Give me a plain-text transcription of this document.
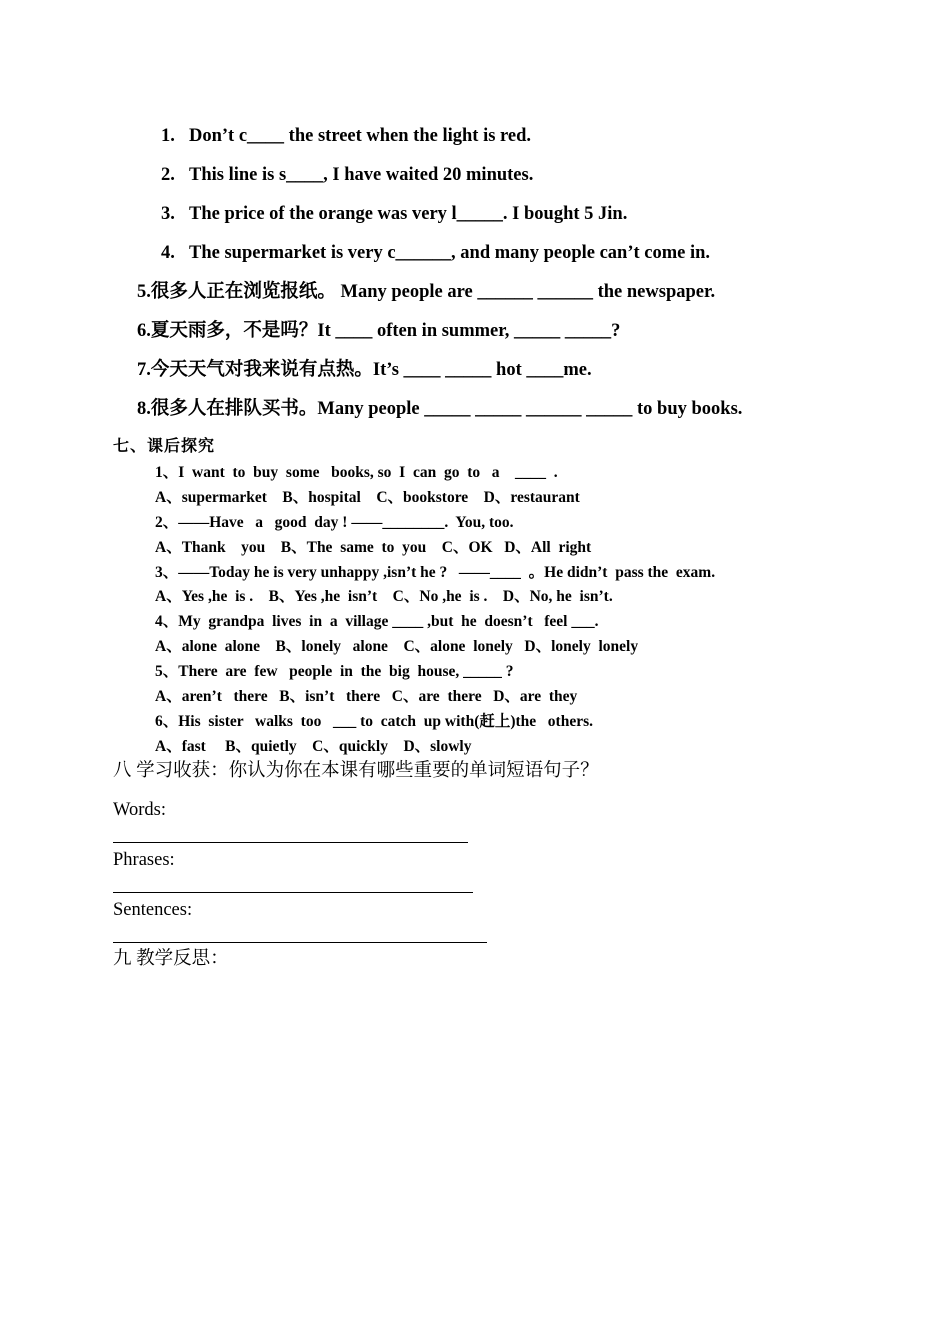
1. Don’t c____ the street when the light is red.
2. This line is s____, I have waited 20 minutes.
3. The price of the orange was very l_____. I bought 5 Jin.
4. The supermarket is very c______, and many people can’t come in.
5.很多人正在浏览报纸。 Many people are ______ ______ the newspaper.
6.夏天雨多，不是吗？It ____ often in summer, _____ _____?
7.今天天气对我来说有点热。It’s ____ _____ hot ____me.
8.很多人在排队买书。Many people _____ _____ ______ _____ to buy books.
七、课后探究
1、I  want  to  buy  some   books, so  I  can  go  to   a    ____  .
A、supermarket    B、hospital    C、bookstore    D、restaurant
2、——Have   a   good  day ! ——________.  You, too.
A、Thank    you    B、The  same  to  you    C、OK   D、All  right
3、——Today he is very unhappy ,isn’t he ?   ——____  。He didn’t  pass the  exam.
A、Yes ,he  is .    B、Yes ,he  isn’t    C、No ,he  is .    D、No, he  isn’t.
4、My  grandpa  lives  in  a  village ____ ,but  he  doesn’t   feel ___.
A、alone  alone    B、lonely   alone    C、alone  lonely   D、lonely  lonely
5、There  are  few   people  in  the  big  house, _____ ?
A、aren’t   there   B、isn’t   there   C、are  there   D、are  they
6、His  sister   walks  too   ___ to  catch  up with(赶上)the   others.
A、fast     B、quietly    C、quickly    D、slowly
八 学习收获：你认为你在本课有哪些重要的单词短语句子？
Words:
Phrases:
Sentences:
九 教学反思：
